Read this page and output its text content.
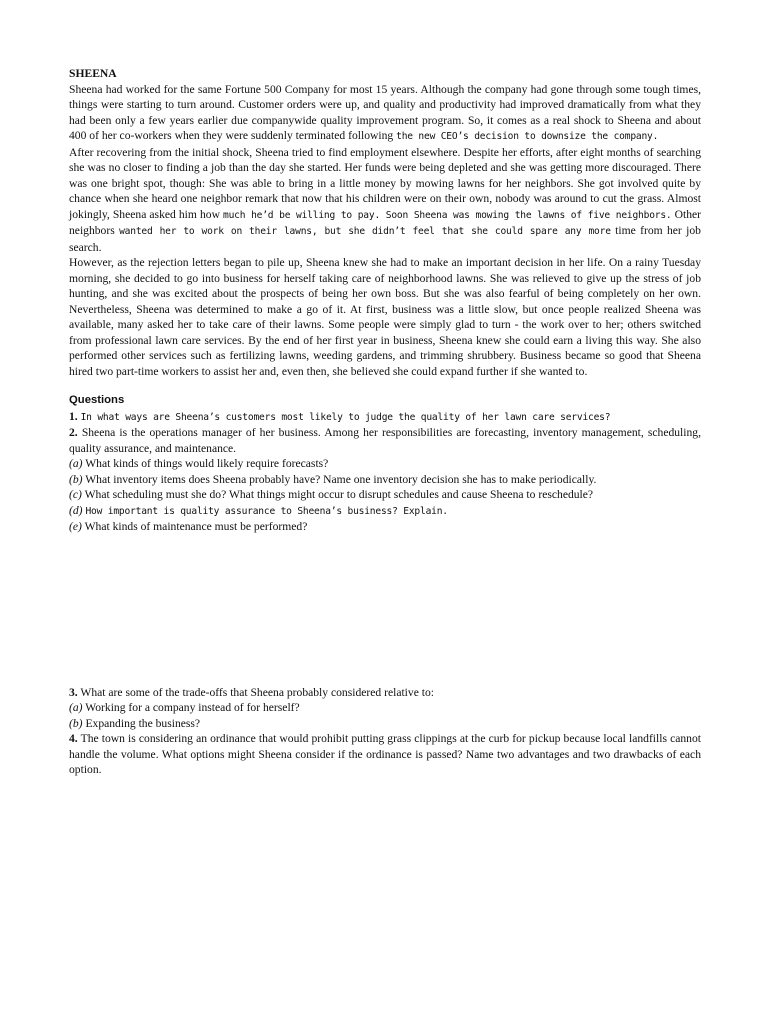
SHEENA

Sheena had worked for the same Fortune 500 Company for most 15 years. Although the company had gone through some tough times, things were starting to turn around. Customer orders were up, and quality and productivity had improved dramatically from what they had been only a few years earlier due companywide quality improvement program. So, it comes as a real shock to Sheena and about 400 of her co-workers when they were suddenly terminated following the new CEO’s decision to downsize the company.

After recovering from the initial shock, Sheena tried to find employment elsewhere. Despite her efforts, after eight months of searching she was no closer to finding a job than the day she started. Her funds were being depleted and she was getting more discouraged. There was one bright spot, though: She was able to bring in a little money by mowing lawns for her neighbors. She got involved quite by chance when she heard one neighbor remark that now that his children were on their own, nobody was around to cut the grass. Almost jokingly, Sheena asked him how much he’d be willing to pay. Soon Sheena was mowing the lawns of five neighbors. Other neighbors wanted her to work on their lawns, but she didn’t feel that she could spare any more time from her job search.

However, as the rejection letters began to pile up, Sheena knew she had to make an important decision in her life. On a rainy Tuesday morning, she decided to go into business for herself taking care of neighborhood lawns. She was relieved to give up the stress of job hunting, and she was excited about the prospects of being her own boss. But she was also fearful of being completely on her own. Nevertheless, Sheena was determined to make a go of it. At first, business was a little slow, but once people realized Sheena was available, many asked her to take care of their lawns. Some people were simply glad to turn - the work over to her; others switched from professional lawn care services. By the end of her first year in business, Sheena knew she could earn a living this way. She also performed other services such as fertilizing lawns, weeding gardens, and trimming shrubbery. Business became so good that Sheena hired two part-time workers to assist her and, even then, she believed she could expand further if she wanted to.

Questions

1. In what ways are Sheena’s customers most likely to judge the quality of her lawn care services?

2. Sheena is the operations manager of her business. Among her responsibilities are forecasting, inventory management, scheduling, quality assurance, and maintenance.

(a) What kinds of things would likely require forecasts?

(b) What inventory items does Sheena probably have? Name one inventory decision she has to make periodically.

(c) What scheduling must she do? What things might occur to disrupt schedules and cause Sheena to reschedule?

(d) How important is quality assurance to Sheena’s business? Explain.

(e) What kinds of maintenance must be performed?

3. What are some of the trade-offs that Sheena probably considered relative to:

(a) Working for a company instead of for herself?

(b) Expanding the business?

4. The town is considering an ordinance that would prohibit putting grass clippings at the curb for pickup because local landfills cannot handle the volume. What options might Sheena consider if the ordinance is passed? Name two advantages and two drawbacks of each option.
